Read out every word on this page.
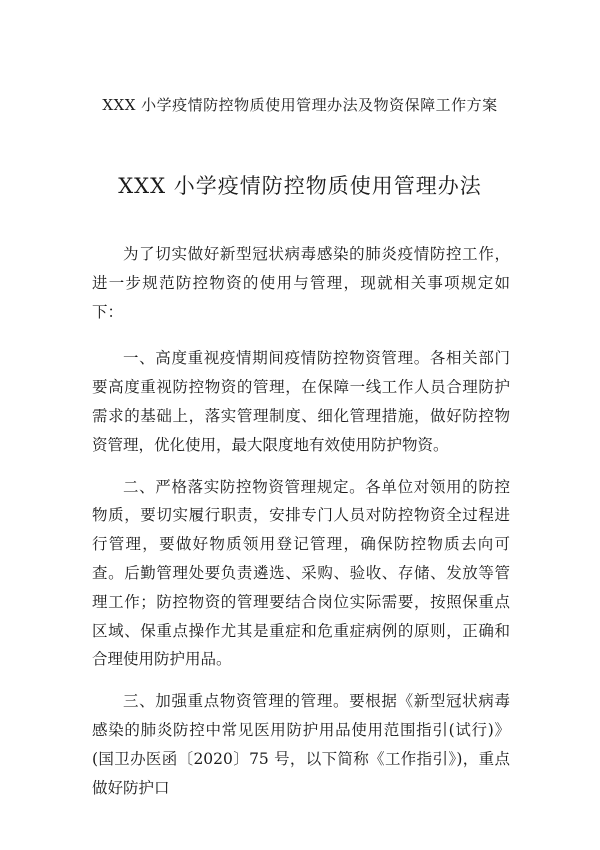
XXX 小学疫情防控物质使用管理办法及物资保障工作方案
XXX 小学疫情防控物质使用管理办法

为了切实做好新型冠状病毒感染的肺炎疫情防控工作，进一步规范防控物资的使用与管理，现就相关事项规定如下：

一、高度重视疫情期间疫情防控物资管理。各相关部门要高度重视防控物资的管理，在保障一线工作人员合理防护需求的基础上，落实管理制度、细化管理措施，做好防控物资管理，优化使用，最大限度地有效使用防护物资。

二、严格落实防控物资管理规定。各单位对领用的防控物质，要切实履行职责，安排专门人员对防控物资全过程进行管理，要做好物质领用登记管理，确保防控物质去向可查。后勤管理处要负责遴选、采购、验收、存储、发放等管理工作；防控物资的管理要结合岗位实际需要，按照保重点区域、保重点操作尤其是重症和危重症病例的原则，正确和合理使用防护用品。

三、加强重点物资管理的管理。要根据《新型冠状病毒感染的肺炎防控中常见医用防护用品使用范围指引(试行)》(国卫办医函〔2020〕75 号，以下简称《工作指引》)，重点做好防护口
